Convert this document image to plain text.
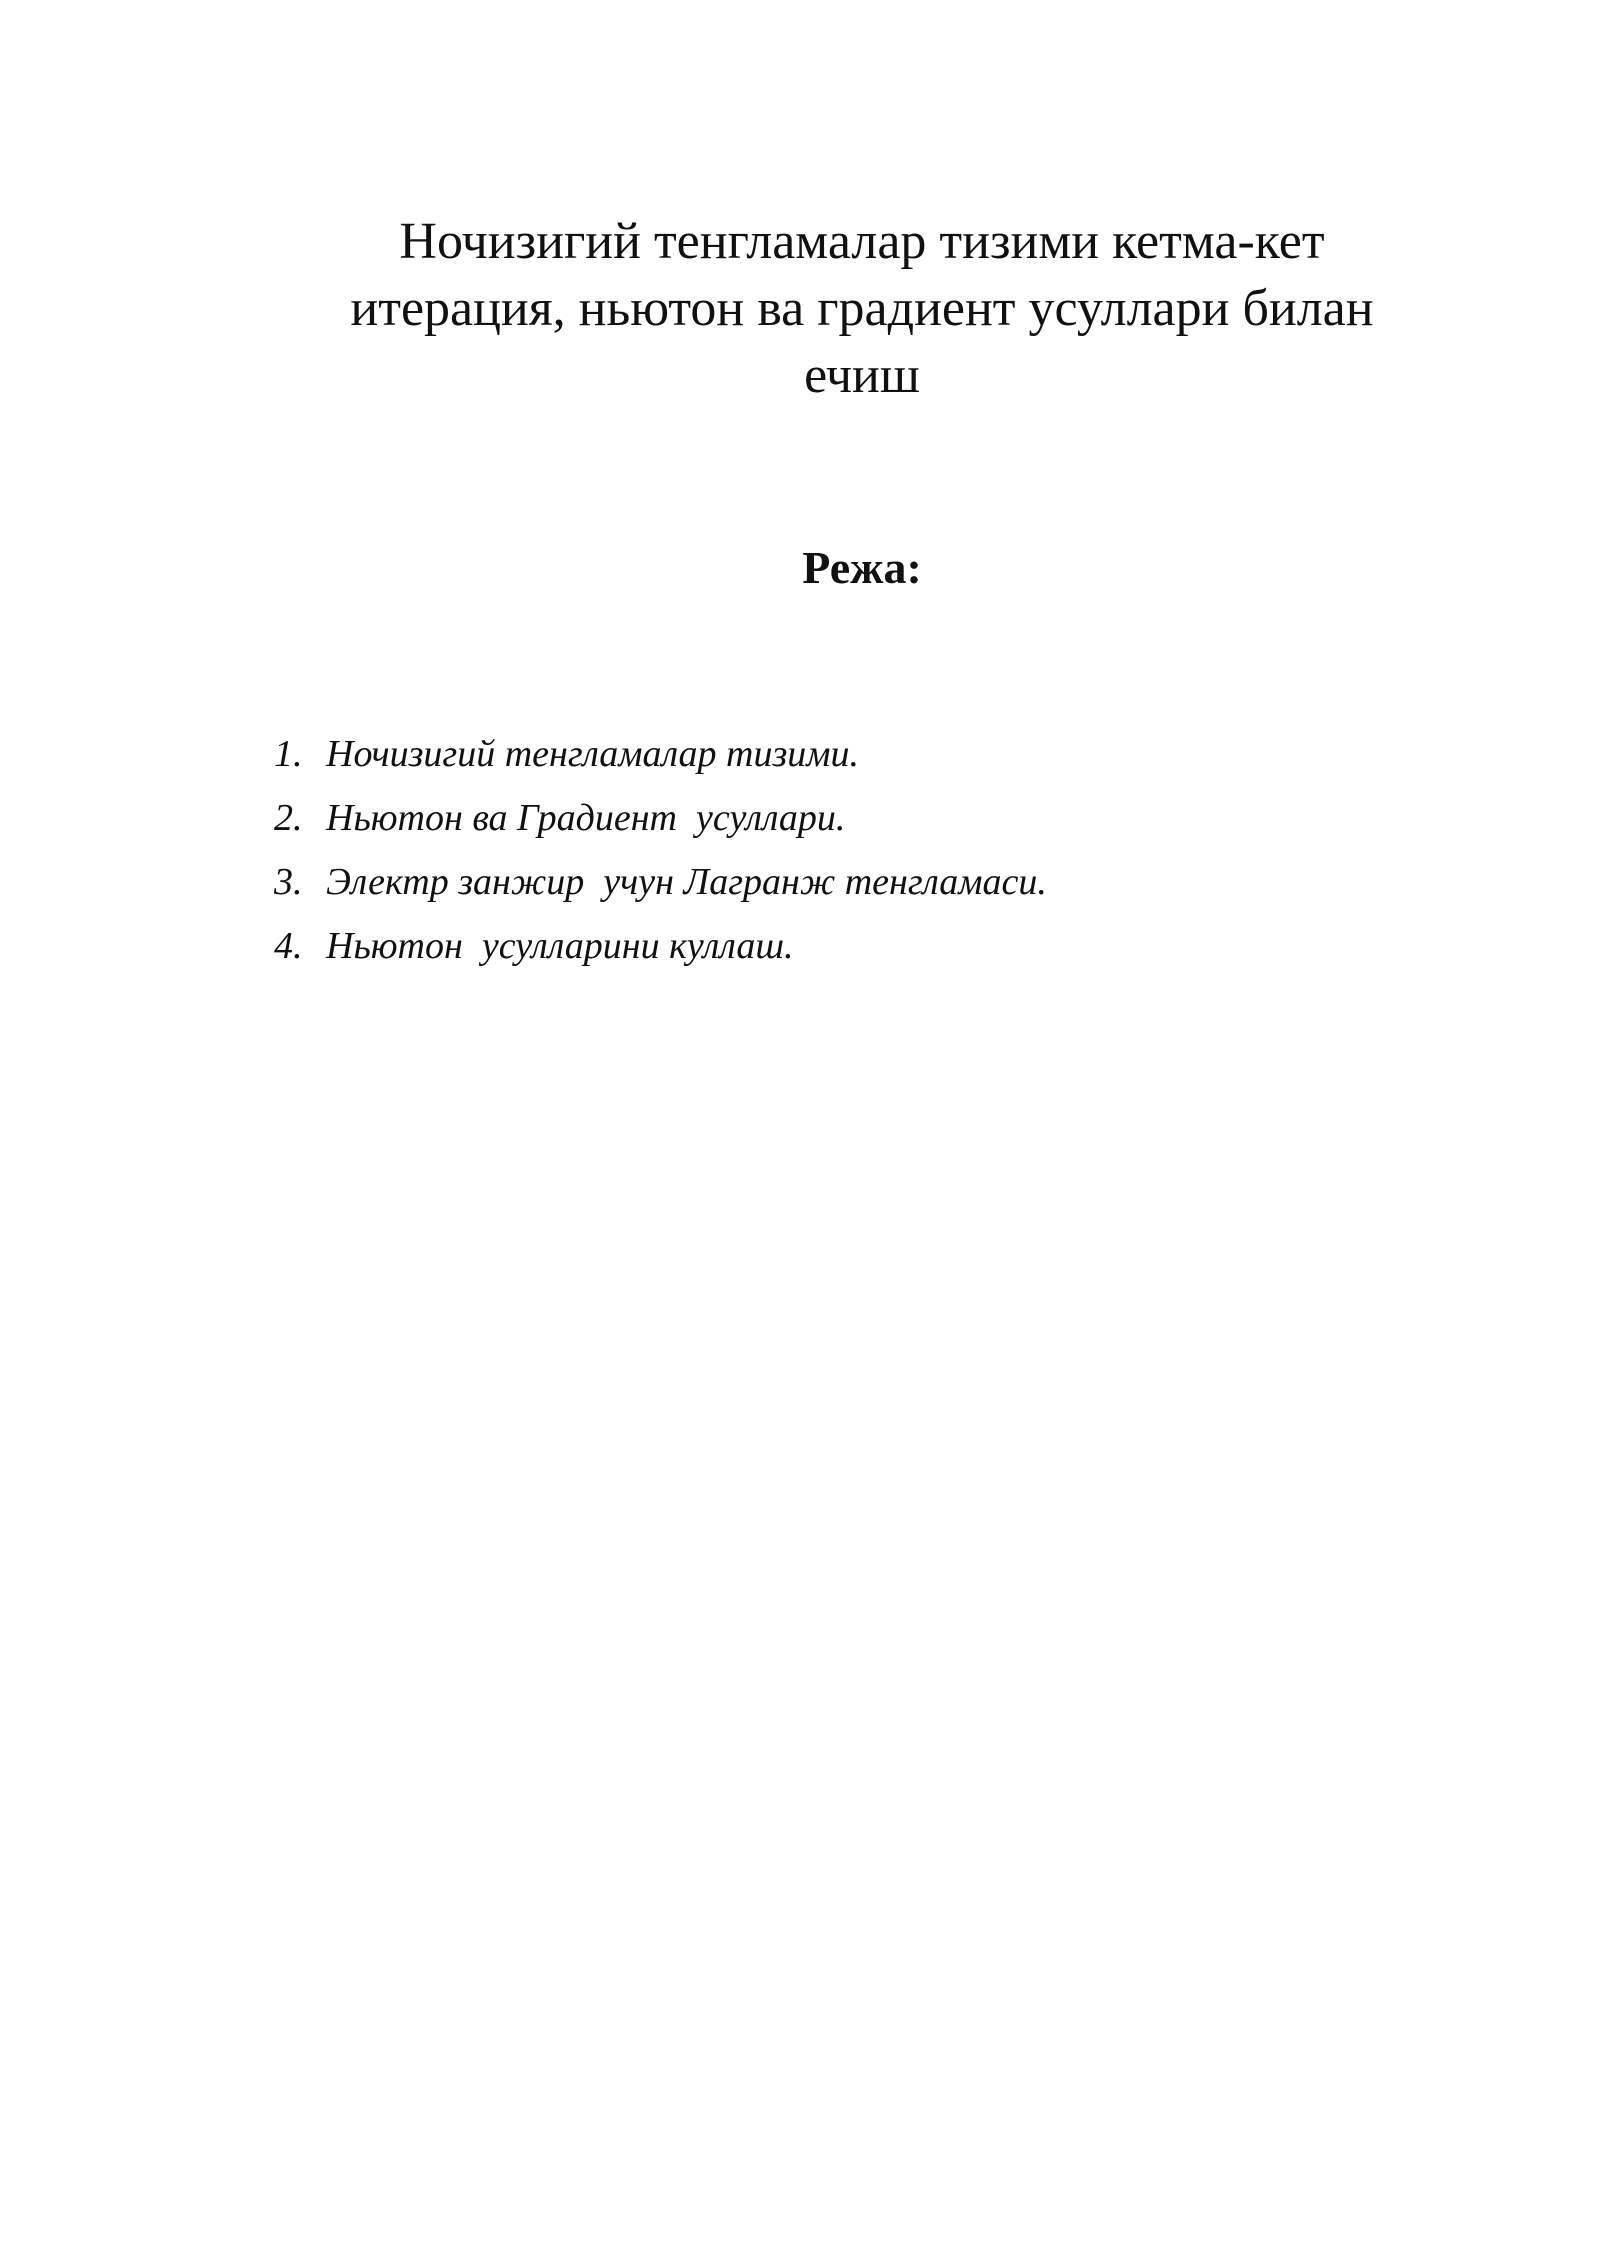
Ночизигий тенгламалар тизими кетма-кет
итерация, ньютон ва градиент усуллари билан
ечиш
Режа:
1. Ночизигий тенгламалар тизими.
2. Ньютон ва Градиент  усуллари.
3. Электр занжир  учун Лагранж тенгламаси.
4. Ньютон  усулларини куллаш.
